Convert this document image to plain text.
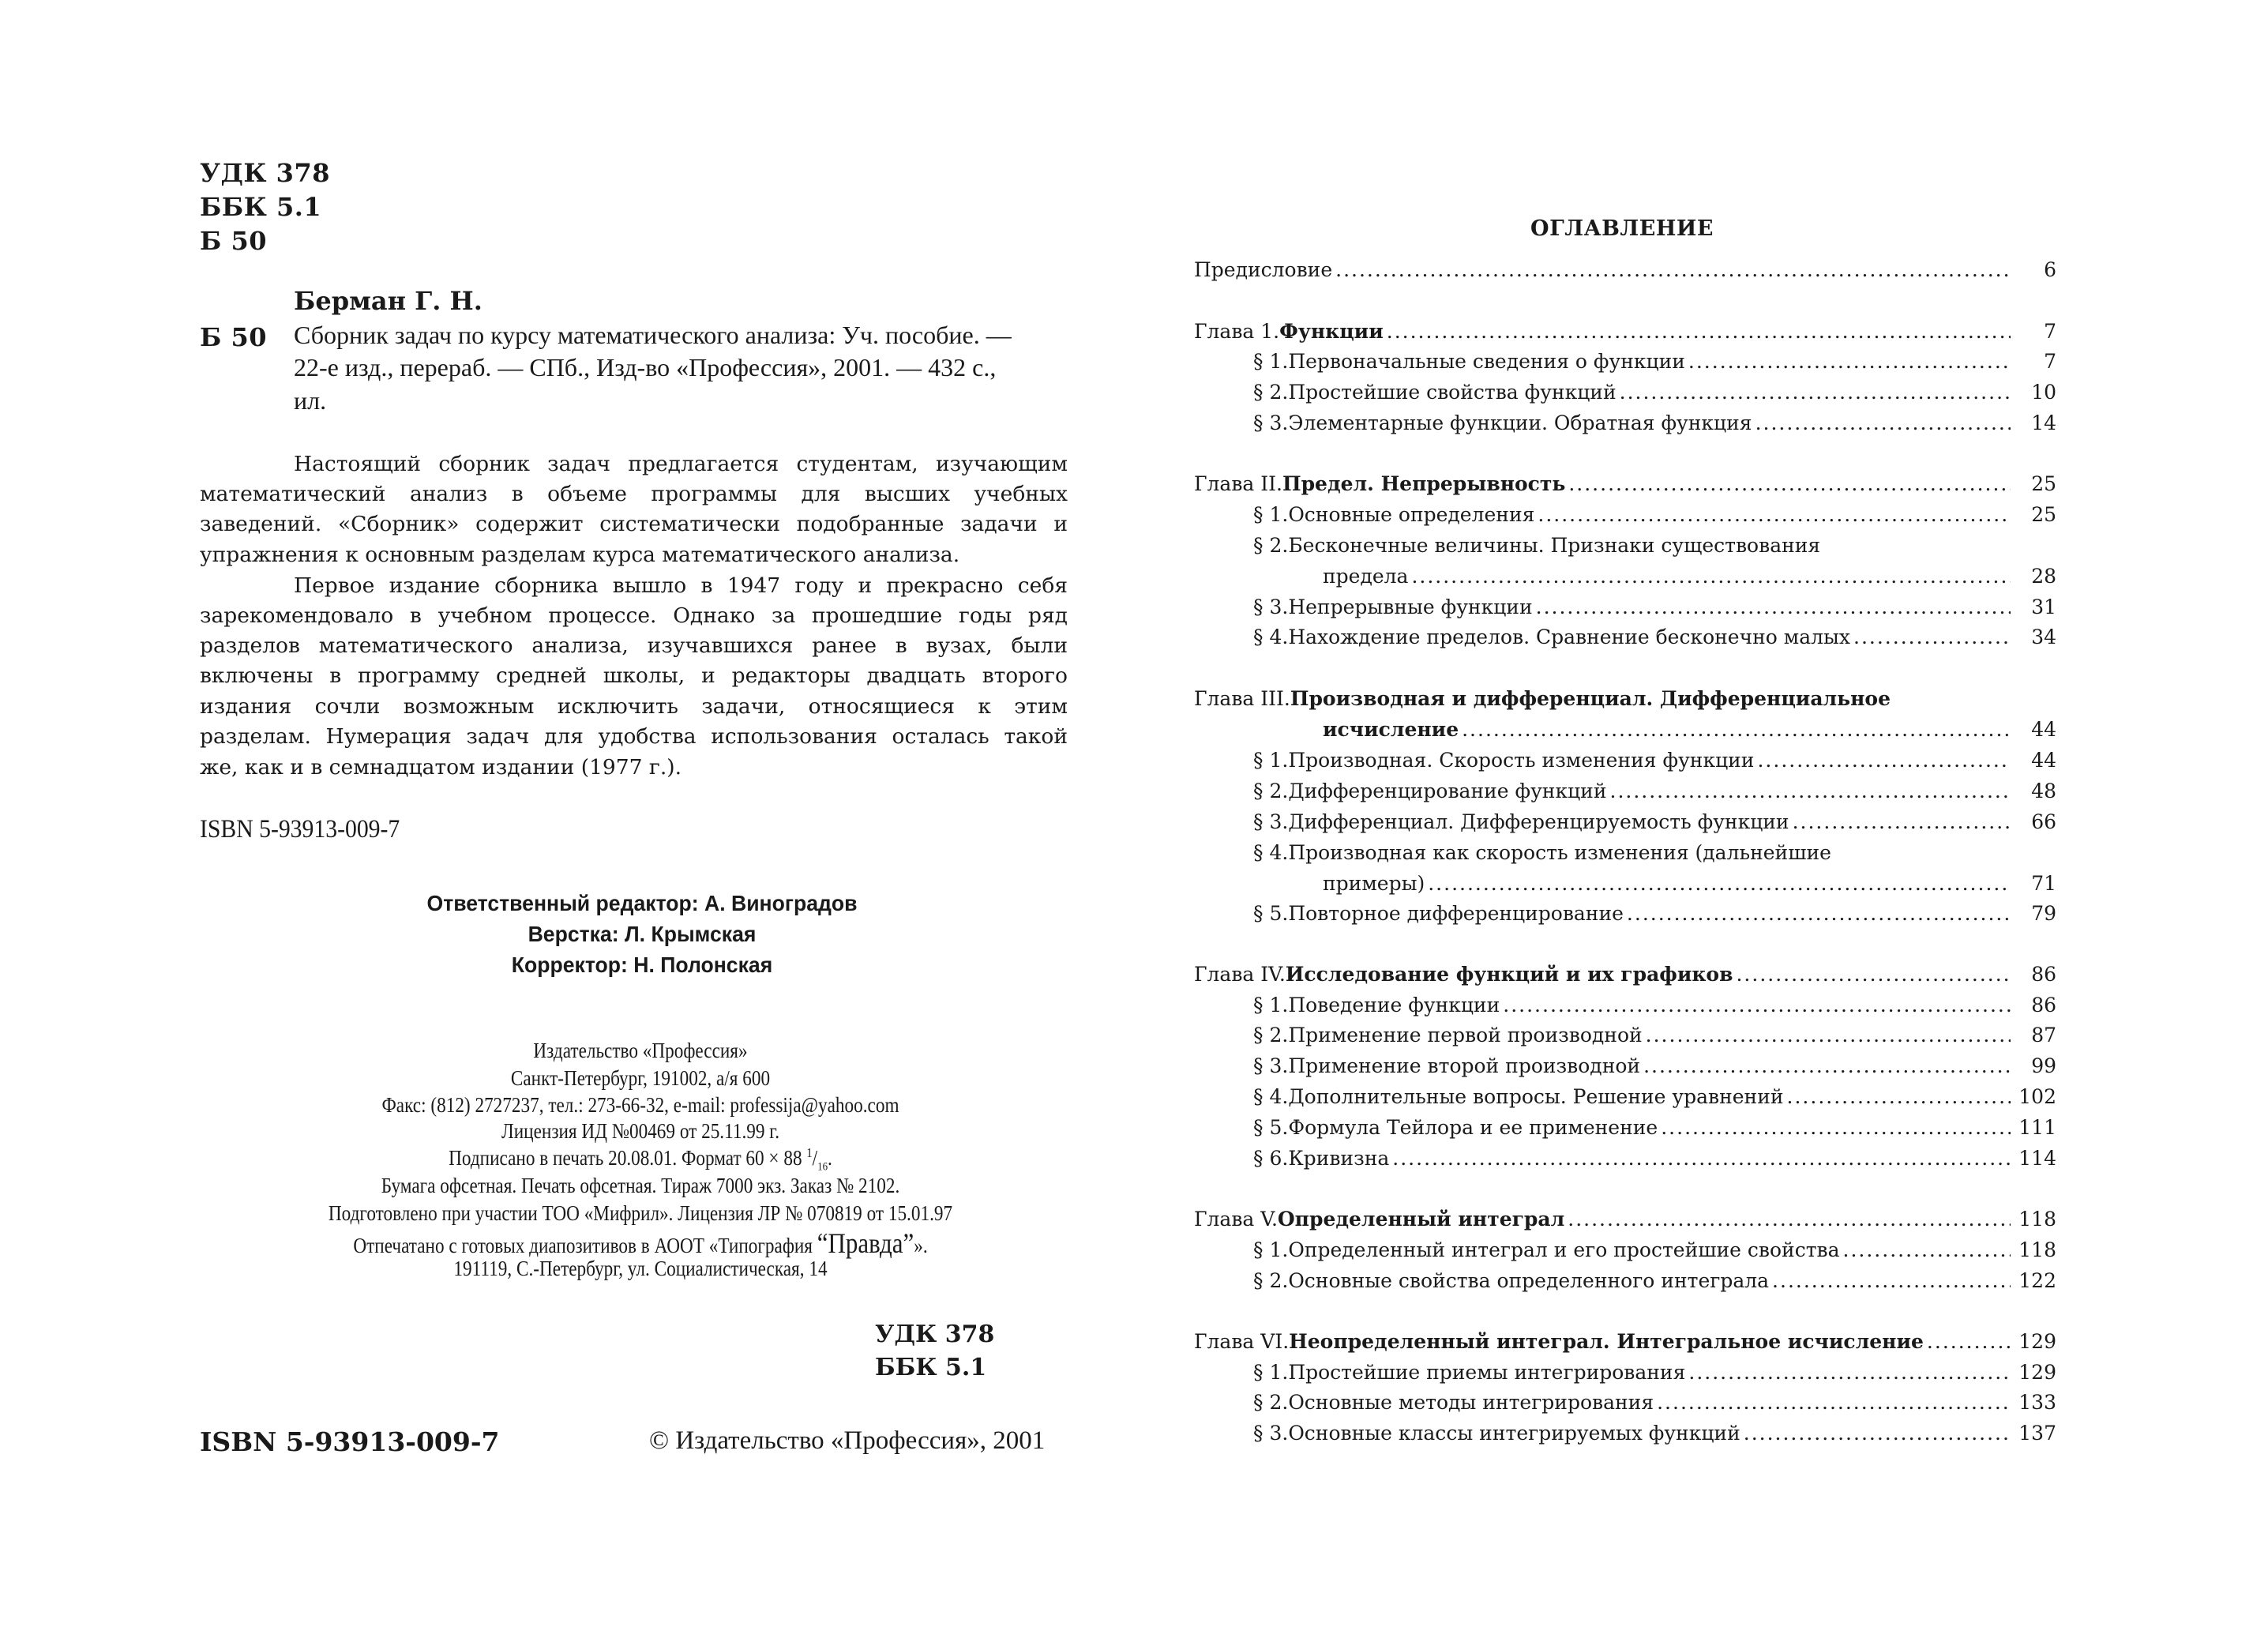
УДК 378
ББК 5.1
Б 50
Берман Г. Н.
Б 50 Сборник задач по курсу математического анализа: Уч. пособие. —
22-е изд., перераб. — СПб., Изд-во «Профессия», 2001. — 432 с.,
ил.
Настоящий сборник задач предлагается студентам, изучающим
математический анализ в объеме программы для высших учебных
заведений. «Сборник» содержит систематически подобранные задачи и
упражнения к основным разделам курса математического анализа.
Первое издание сборника вышло в 1947 году и прекрасно себя
зарекомендовало в учебном процессе. Однако за прошедшие годы ряд
разделов математического анализа, изучавшихся ранее в вузах, были
включены в программу средней школы, и редакторы двадцать второго
издания сочли возможным исключить задачи, относящиеся к этим
разделам. Нумерация задач для удобства использования осталась такой
же, как и в семнадцатом издании (1977 г.).
ISBN 5-93913-009-7
Ответственный редактор: А. Виноградов
Верстка: Л. Крымская
Корректор: Н. Полонская
Издательство «Профессия»
Санкт-Петербург, 191002, а/я 600
Факс: (812) 2727237, тел.: 273-66-32, e-mail: professija@yahoo.com
Лицензия ИД №00469 от 25.11.99 г.
Подписано в печать 20.08.01. Формат 60 × 88 $^1/_{16}$.
Бумага офсетная. Печать офсетная. Тираж 7000 экз. Заказ № 2102.
Подготовлено при участии ТОО «Мифрил». Лицензия ЛР № 070819 от 15.01.97
Отпечатано с готовых диапозитивов в АООТ «Типография “Правда”».
191119, С.-Петербург, ул. Социалистическая, 14
УДК 378
ББК 5.1
ISBN 5-93913-009-7	© Издательство «Профессия», 2001
ОГЛАВЛЕНИЕ
Предисловие .....	6
Глава 1. Функции .....	7
§ 1. Первоначальные сведения о функции .....	7
§ 2. Простейшие свойства функций .....	10
§ 3. Элементарные функции. Обратная функция .....	14
Глава II. Предел. Непрерывность .....	25
§ 1. Основные определения .....	25
§ 2. Бесконечные величины. Признаки существования
предела .....	28
§ 3. Непрерывные функции .....	31
§ 4. Нахождение пределов. Сравнение бесконечно малых .....	34
Глава III. Производная и дифференциал. Дифференциальное
исчисление .....	44
§ 1. Производная. Скорость изменения функции .....	44
§ 2. Дифференцирование функций .....	48
§ 3. Дифференциал. Дифференцируемость функции .....	66
§ 4. Производная как скорость изменения (дальнейшие
примеры) .....	71
§ 5. Повторное дифференцирование .....	79
Глава IV. Исследование функций и их графиков .....	86
§ 1. Поведение функции .....	86
§ 2. Применение первой производной .....	87
§ 3. Применение второй производной .....	99
§ 4. Дополнительные вопросы. Решение уравнений .....	102
§ 5. Формула Тейлора и ее применение .....	111
§ 6. Кривизна .....	114
Глава V. Определенный интеграл .....	118
§ 1. Определенный интеграл и его простейшие свойства .....	118
§ 2. Основные свойства определенного интеграла .....	122
Глава VI. Неопределенный интеграл. Интегральное исчисление .....	129
§ 1. Простейшие приемы интегрирования .....	129
§ 2. Основные методы интегрирования .....	133
§ 3. Основные классы интегрируемых функций .....	137
